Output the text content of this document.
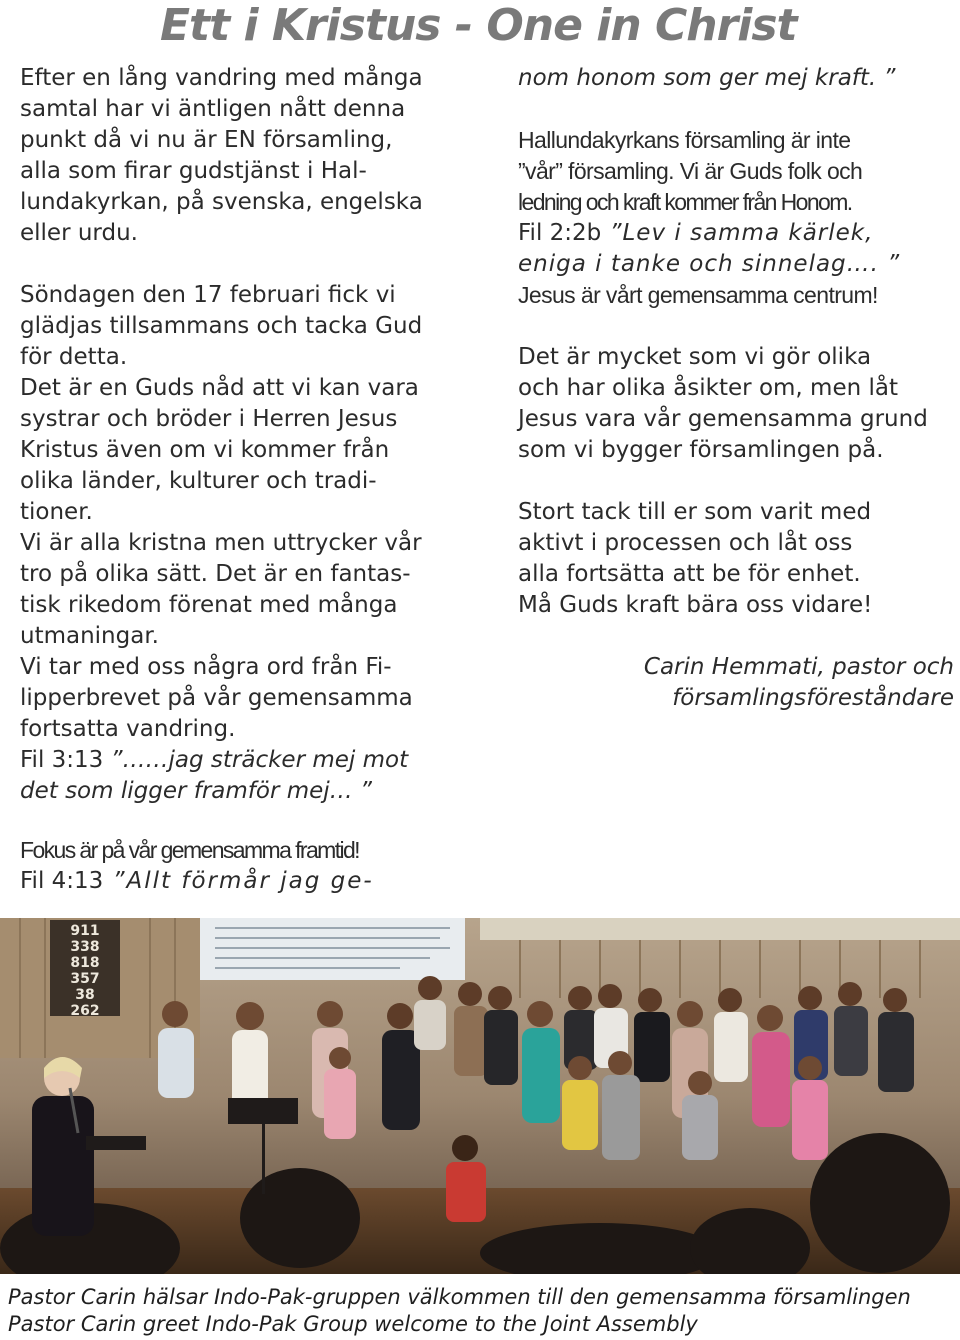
Ett i Kristus - One in Christ

Efter en lång vandring med många
samtal har vi äntligen nått denna
punkt då vi nu är EN församling,
alla som firar gudstjänst i Hal-
lundakyrkan, på svenska, engelska
eller urdu.

Söndagen den 17 februari fick vi
glädjas tillsammans och tacka Gud
för detta.

Det är en Guds nåd att vi kan vara
systrar och bröder i Herren Jesus
Kristus även om vi kommer från
olika länder, kulturer och tradi-
tioner.

Vi är alla kristna men uttrycker vår
tro på olika sätt. Det är en fantas-
tisk rikedom förenat med många
utmaningar.

Vi tar med oss några ord från Fi-
lipperbrevet på vår gemensamma
fortsatta vandring.

Fil 3:13 ”……jag sträcker mej mot
det som ligger framför mej… ”

Fokus är på vår gemensamma framtid!

Fil 4:13 ”Allt förmår jag ge-

nom honom som ger mej kraft. ”

Hallundakyrkans församling är inte
”vår” församling. Vi är Guds folk och
ledning och kraft kommer från Honom.

Fil 2:2b ”Lev i samma kärlek,
eniga i tanke och sinnelag…. ”

Jesus är vårt gemensamma centrum!

Det är mycket som vi gör olika
och har olika åsikter om, men låt
Jesus vara vår gemensamma grund
som vi bygger församlingen på.

Stort tack till er som varit med
aktivt i processen och låt oss
alla fortsätta att be för enhet.
Må Guds kraft bära oss vidare!

Carin Hemmati, pastor och
församlingsföreståndare

911
338
818
357
38
262
Pastor Carin hälsar Indo-Pak-gruppen välkommen till den gemensamma församlingen
Pastor Carin greet Indo-Pak Group welcome to the Joint Assembly
